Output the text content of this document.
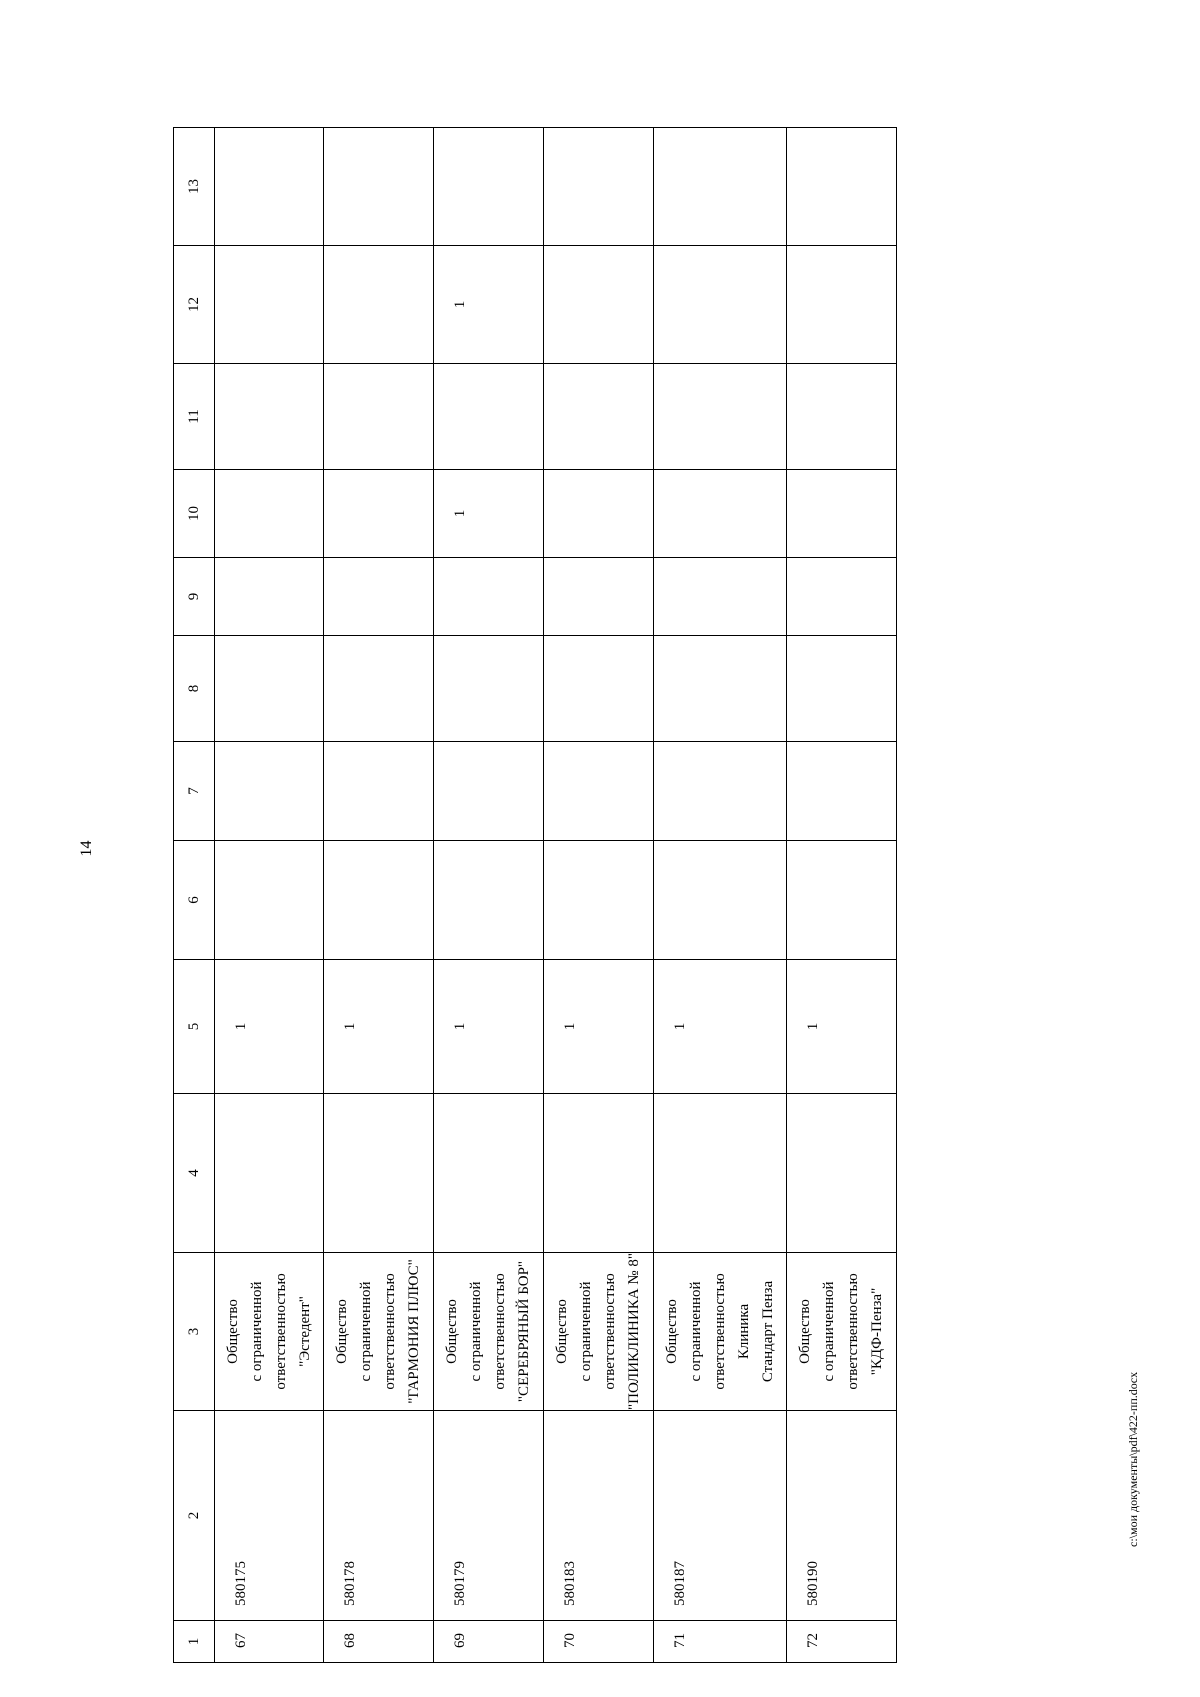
14
1	2	3	4	5	6	7	8	9	10	11	12	13
67	580175	Общество с ограниченной ответственностью "Эстедент"		1								
68	580178	Общество с ограниченной ответственностью "ГАРМОНИЯ ПЛЮС"		1								
69	580179	Общество с ограниченной ответственностью "СЕРЕБРЯНЫЙ БОР"		1					1		1	
70	580183	Общество с ограниченной ответственностью "ПОЛИКЛИНИКА № 8"		1								
71	580187	Общество с ограниченной ответственностью Клиника Стандарт Пенза		1								
72	580190	Общество с ограниченной ответственностью "КДФ-Пенза"		1								
c:\мои документы\pdf\422-пп.docx
